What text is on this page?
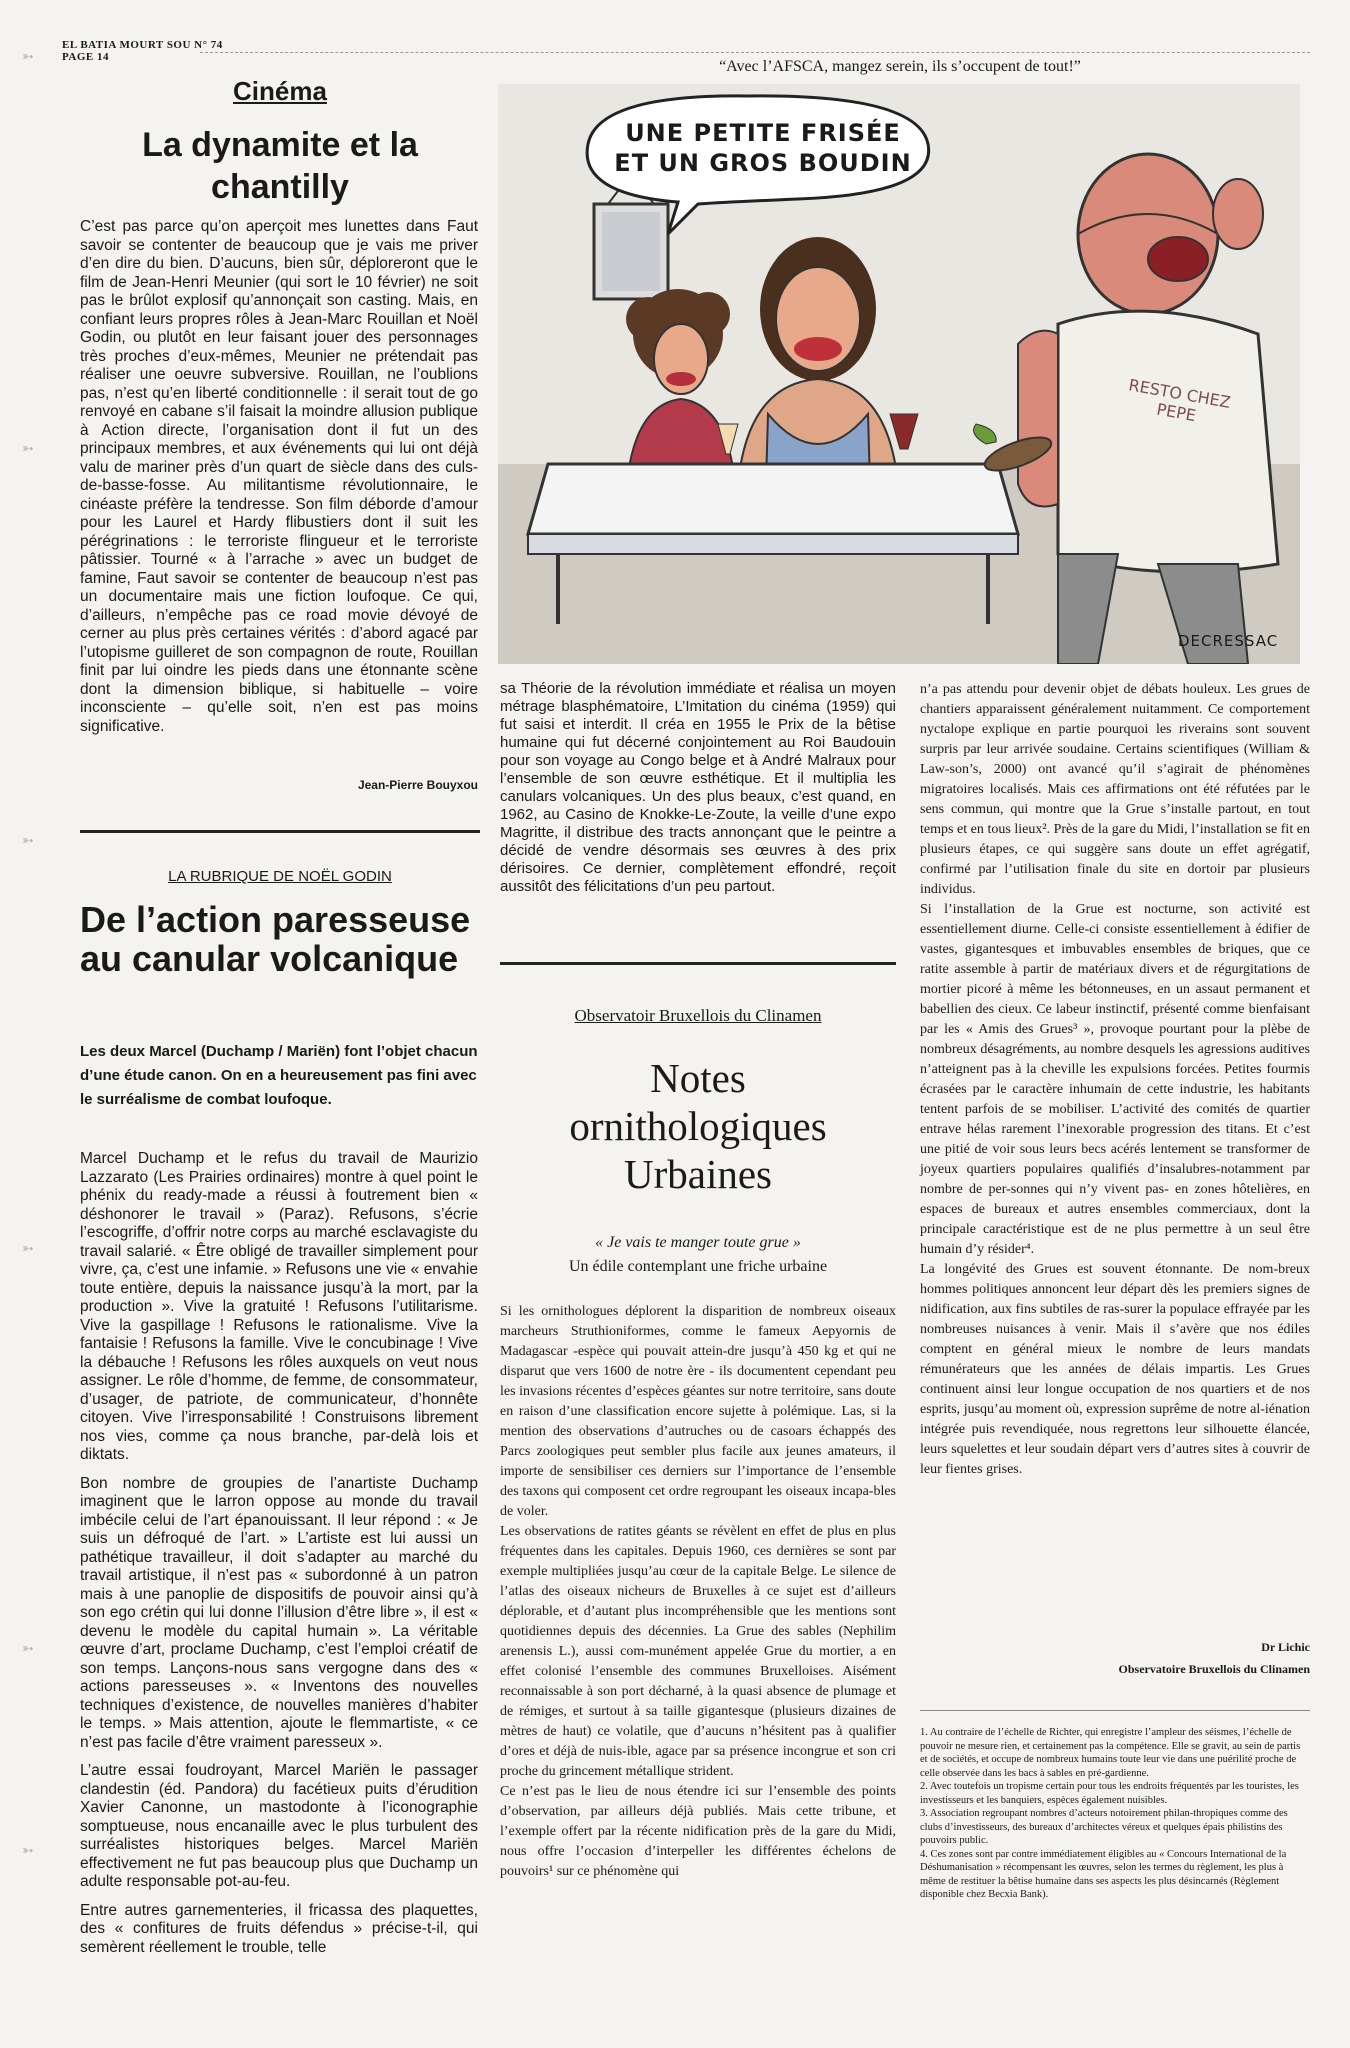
EL BATIA MOURT SOU N° 74
PAGE 14
➳
➳
➳
➳
➳
➳
Cinéma
La dynamite et la chantilly

C’est pas parce qu’on aperçoit mes lunettes dans Faut savoir se contenter de beaucoup que je vais me priver d’en dire du bien. D’aucuns, bien sûr, déploreront que le film de Jean-Henri Meunier (qui sort le 10 février) ne soit pas le brûlot explosif qu’annonçait son casting. Mais, en confiant leurs propres rôles à Jean-Marc Rouillan et Noël Godin, ou plutôt en leur faisant jouer des personnages très proches d’eux-mêmes, Meunier ne prétendait pas réaliser une oeuvre subversive. Rouillan, ne l’oublions pas, n’est qu’en liberté conditionnelle : il serait tout de go renvoyé en cabane s’il faisait la moindre allusion publique à Action directe, l’organisation dont il fut un des principaux membres, et aux événements qui lui ont déjà valu de mariner près d’un quart de siècle dans des culs-de-basse-fosse. Au militantisme révolutionnaire, le cinéaste préfère la tendresse. Son film déborde d’amour pour les Laurel et Hardy flibustiers dont il suit les pérégrinations : le terroriste flingueur et le terroriste pâtissier. Tourné « à l’arrache » avec un budget de famine, Faut savoir se contenter de beaucoup n’est pas un documentaire mais une fiction loufoque. Ce qui, d’ailleurs, n’empêche pas ce road movie dévoyé de cerner au plus près certaines vérités : d’abord agacé par l’utopisme guilleret de son compagnon de route, Rouillan finit par lui oindre les pieds dans une étonnante scène dont la dimension biblique, si habituelle – voire inconsciente – qu’elle soit, n’en est pas moins significative.

Jean-Pierre Bouyxou
LA RUBRIQUE DE NOËL GODIN
De l’action paresseuse au canular volcanique
Les deux Marcel (Duchamp / Mariën) font l’objet chacun d’une étude canon. On en a heureusement pas fini avec le surréalisme de combat loufoque.

Marcel Duchamp et le refus du travail de Maurizio Lazzarato (Les Prairies ordinaires) montre à quel point le phénix du ready-made a réussi à foutrement bien « déshonorer le travail » (Paraz). Refusons, s’écrie l’escogriffe, d’offrir notre corps au marché esclavagiste du travail salarié. « Être obligé de travailler simplement pour vivre, ça, c’est une infamie. » Refusons une vie « envahie toute entière, depuis la naissance jusqu’à la mort, par la production ». Vive la gratuité ! Refusons l’utilitarisme. Vive la gaspillage ! Refusons le rationalisme. Vive la fantaisie ! Refusons la famille. Vive le concubinage ! Vive la débauche ! Refusons les rôles auxquels on veut nous assigner. Le rôle d’homme, de femme, de consommateur, d’usager, de patriote, de communicateur, d’honnête citoyen. Vive l’irresponsabilité ! Construisons librement nos vies, comme ça nous branche, par-delà lois et diktats.

Bon nombre de groupies de l’anartiste Duchamp imaginent que le larron oppose au monde du travail imbécile celui de l’art épanouissant. Il leur répond : « Je suis un défroqué de l’art. » L’artiste est lui aussi un pathétique travailleur, il doit s’adapter au marché du travail artistique, il n’est pas « subordonné à un patron mais à une panoplie de dispositifs de pouvoir ainsi qu’à son ego crétin qui lui donne l’illusion d’être libre », il est « devenu le modèle du capital humain ». La véritable œuvre d’art, proclame Duchamp, c’est l’emploi créatif de son temps. Lançons-nous sans vergogne dans des « actions paresseuses ». « Inventons des nouvelles techniques d’existence, de nouvelles manières d’habiter le temps. » Mais attention, ajoute le flemmartiste, « ce n’est pas facile d’être vraiment paresseux ».

L’autre essai foudroyant, Marcel Mariën le passager clandestin (éd. Pandora) du facétieux puits d’érudition Xavier Canonne, un mastodonte à l’iconographie somptueuse, nous encanaille avec le plus turbulent des surréalistes historiques belges. Marcel Mariën effectivement ne fut pas beaucoup plus que Duchamp un adulte responsable pot-au-feu.

Entre autres garnementeries, il fricassa des plaquettes, des « confitures de fruits défendus » précise-t-il, qui semèrent réellement le trouble, telle

“Avec l’AFSCA, mangez serein, ils s’occupent de tout!”
UNE PETITE FRISÉE
ET UN GROS BOUDIN
RESTO CHEZ PEPE
DECRESSAC

sa Théorie de la révolution immédiate et réalisa un moyen métrage blasphématoire, L’Imitation du cinéma (1959) qui fut saisi et interdit. Il créa en 1955 le Prix de la bêtise humaine qui fut décerné conjointement au Roi Baudouin pour son voyage au Congo belge et à André Malraux pour l’ensemble de son œuvre esthétique. Et il multiplia les canulars volcaniques. Un des plus beaux, c’est quand, en 1962, au Casino de Knokke-Le-Zoute, la veille d’une expo Magritte, il distribue des tracts annonçant que le peintre a décidé de vendre désormais ses œuvres à des prix dérisoires. Ce dernier, complètement effondré, reçoit aussitôt des félicitations d’un peu partout.

Observatoir Bruxellois du Clinamen
Notes
ornithologiques
Urbaines
« Je vais te manger toute grue »
Un édile contemplant une friche urbaine

Si les ornithologues déplorent la disparition de nombreux oiseaux marcheurs Struthioniformes, comme le fameux Aepyornis de Madagascar -espèce qui pouvait attein-dre jusqu’à 450 kg et qui ne disparut que vers 1600 de notre ère - ils documentent cependant peu les invasions récentes d’espèces géantes sur notre territoire, sans doute en raison d’une classification encore sujette à polémique. Las, si la mention des observations d’autruches ou de casoars échappés des Parcs zoologiques peut sembler plus facile aux jeunes amateurs, il importe de sensibiliser ces derniers sur l’importance de l’ensemble des taxons qui composent cet ordre regroupant les oiseaux incapa-bles de voler.

Les observations de ratites géants se révèlent en effet de plus en plus fréquentes dans les capitales. Depuis 1960, ces dernières se sont par exemple multipliées jusqu’au cœur de la capitale Belge. Le silence de l’atlas des oiseaux nicheurs de Bruxelles à ce sujet est d’ailleurs déplorable, et d’autant plus incompréhensible que les mentions sont quotidiennes depuis des décennies. La Grue des sables (Nephilim arenensis L.), aussi com-munément appelée Grue du mortier, a en effet colonisé l’ensemble des communes Bruxelloises. Aisément reconnaissable à son port décharné, à la quasi absence de plumage et de rémiges, et surtout à sa taille gigantesque (plusieurs dizaines de mètres de haut) ce volatile, que d’aucuns n’hésitent pas à qualifier d’ores et déjà de nuis-ible, agace par sa présence incongrue et son cri proche du grincement métallique strident.

Ce n’est pas le lieu de nous étendre ici sur l’ensemble des points d’observation, par ailleurs déjà publiés. Mais cette tribune, et l’exemple offert par la récente nidification près de la gare du Midi, nous offre l’occasion d’interpeller les différentes échelons de pouvoirs¹ sur ce phénomène qui

n’a pas attendu pour devenir objet de débats houleux. Les grues de chantiers apparaissent généralement nuitamment. Ce comportement nyctalope explique en partie pourquoi les riverains sont souvent surpris par leur arrivée soudaine. Certains scientifiques (William & Law-son’s, 2000) ont avancé qu’il s’agirait de phénomènes migratoires localisés. Mais ces affirmations ont été réfutées par le sens commun, qui montre que la Grue s’installe partout, en tout temps et en tous lieux². Près de la gare du Midi, l’installation se fit en plusieurs étapes, ce qui suggère sans doute un effet agrégatif, confirmé par l’utilisation finale du site en dortoir par plusieurs individus.

Si l’installation de la Grue est nocturne, son activité est essentiellement diurne. Celle-ci consiste essentiellement à édifier de vastes, gigantesques et imbuvables ensembles de briques, que ce ratite assemble à partir de matériaux divers et de régurgitations de mortier picoré à même les bétonneuses, en un assaut permanent et babellien des cieux. Ce labeur instinctif, présenté comme bienfaisant par les « Amis des Grues³ », provoque pourtant pour la plèbe de nombreux désagréments, au nombre desquels les agressions auditives n’atteignent pas à la cheville les expulsions forcées. Petites fourmis écrasées par le caractère inhumain de cette industrie, les habitants tentent parfois de se mobiliser. L’activité des comités de quartier entrave hélas rarement l’inexorable progression des titans. Et c’est une pitié de voir sous leurs becs acérés lentement se transformer de joyeux quartiers populaires qualifiés d’insalubres-notamment par nombre de per-sonnes qui n’y vivent pas- en zones hôtelières, en espaces de bureaux et autres ensembles commerciaux, dont la principale caractéristique est de ne plus permettre à un seul être humain d’y résider⁴.

La longévité des Grues est souvent étonnante. De nom-breux hommes politiques annoncent leur départ dès les premiers signes de nidification, aux fins subtiles de ras-surer la populace effrayée par les nombreuses nuisances à venir. Mais il s’avère que nos édiles comptent en général mieux le nombre de leurs mandats rémunérateurs que les années de délais impartis. Les Grues continuent ainsi leur longue occupation de nos quartiers et de nos esprits, jusqu’au moment où, expression suprême de notre al-iénation intégrée puis revendiquée, nous regrettons leur silhouette élancée, leurs squelettes et leur soudain départ vers d’autres sites à couvrir de leur fientes grises.

Dr Lichic
Observatoire Bruxellois du Clinamen

1. Au contraire de l’échelle de Richter, qui enregistre l’ampleur des séismes, l’échelle de pouvoir ne mesure rien, et certainement pas la compétence. Elle se gravit, au sein de partis et de sociétés, et occupe de nombreux humains toute leur vie dans une puérilité proche de celle observée dans les bacs à sables en pré-gardienne.

2. Avec toutefois un tropisme certain pour tous les endroits fréquentés par les touristes, les investisseurs et les banquiers, espèces également nuisibles.

3. Association regroupant nombres d’acteurs notoirement philan-thropiques comme des clubs d’investisseurs, des bureaux d’architectes véreux et quelques épais philistins des pouvoirs public.

4. Ces zones sont par contre immédiatement éligibles au « Concours International de la Déshumanisation » récompensant les œuvres, selon les termes du règlement, les plus à même de restituer la bêtise humaine dans ses aspects les plus désincarnés (Règlement disponible chez Becxia Bank).
